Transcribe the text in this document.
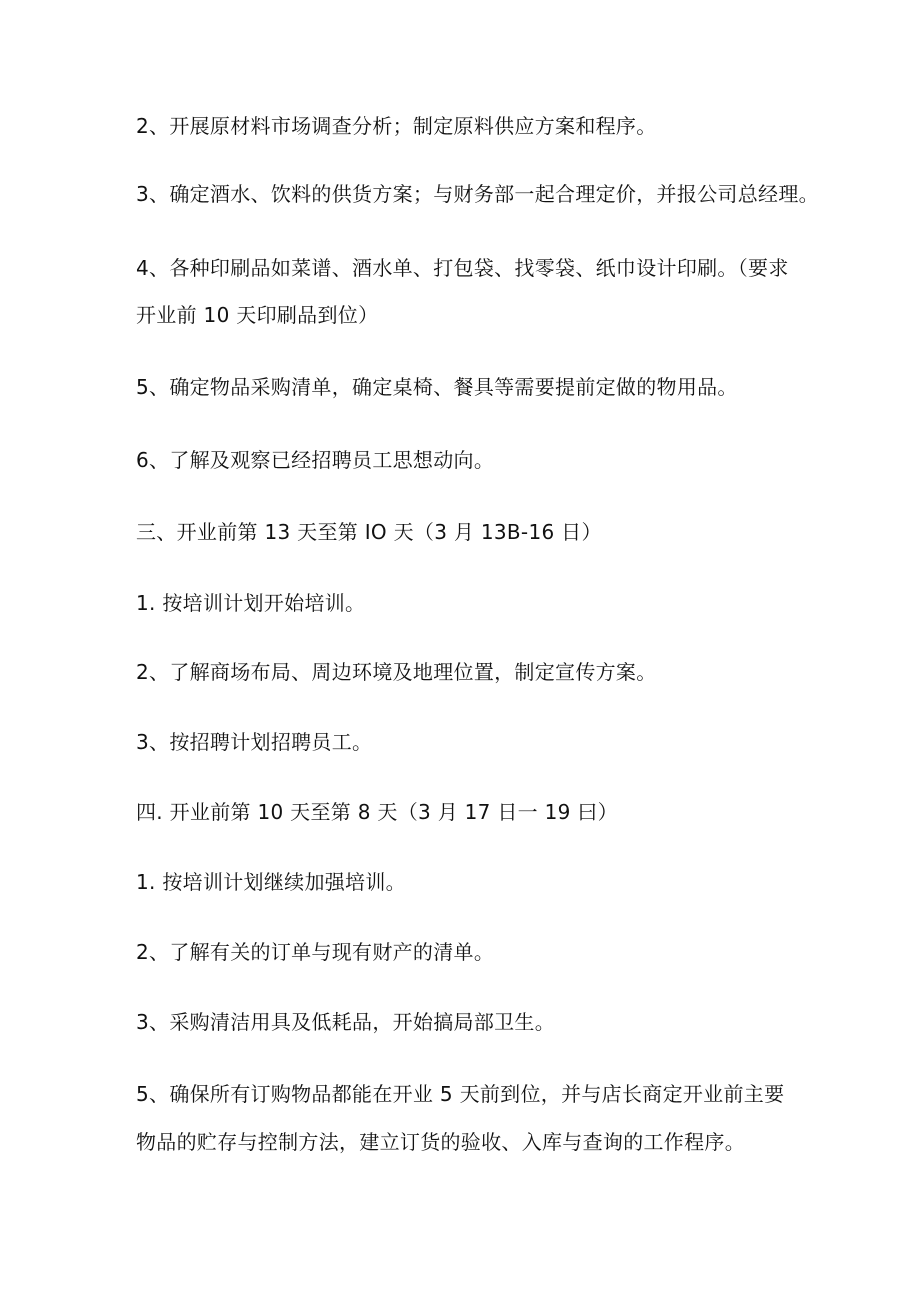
2、开展原材料市场调查分析；制定原料供应方案和程序。
3、确定酒水、饮料的供货方案；与财务部一起合理定价，并报公司总经理。
4、各种印刷品如菜谱、酒水单、打包袋、找零袋、纸巾设计印刷。（要求
开业前 10 天印刷品到位）
5、确定物品采购清单，确定桌椅、餐具等需要提前定做的物用品。
6、了解及观察已经招聘员工思想动向。
三、开业前第 13 天至第 IO 天（3 月 13B-16 日）
1. 按培训计划开始培训。
2、了解商场布局、周边环境及地理位置，制定宣传方案。
3、按招聘计划招聘员工。
四. 开业前第 10 天至第 8 天（3 月 17 日一 19 曰）
1. 按培训计划继续加强培训。
2、了解有关的订单与现有财产的清单。
3、采购清洁用具及低耗品，开始搞局部卫生。
5、确保所有订购物品都能在开业 5 天前到位，并与店长商定开业前主要
物品的贮存与控制方法，建立订货的验收、入库与查询的工作程序。
